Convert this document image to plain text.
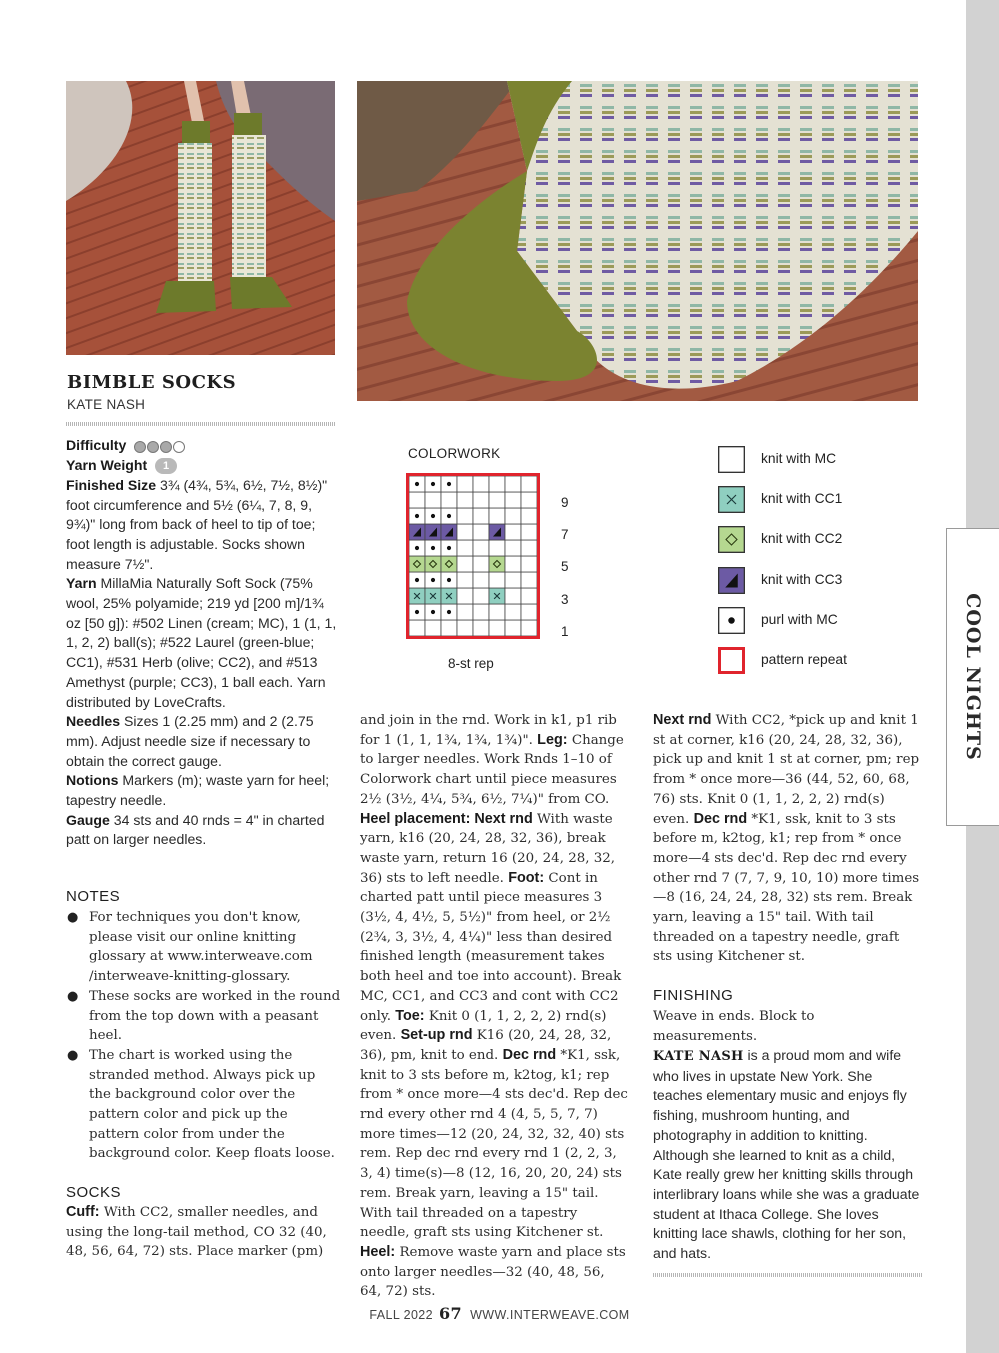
COOL NIGHTS
BIMBLE SOCKS
KATE NASH
Difficulty
Yarn Weight 1
Finished Size 3¾ (4¾, 5¾, 6½, 7½, 8½)" foot circumference and 5½ (6¼, 7, 8, 9, 9¾)" long from back of heel to tip of toe; foot length is adjustable. Socks shown measure 7½".
Yarn MillaMia Naturally Soft Sock (75% wool, 25% polyamide; 219 yd [200 m]/1¾ oz [50 g]): #502 Linen (cream; MC), 1 (1, 1, 1, 2, 2) ball(s); #522 Laurel (green-blue; CC1), #531 Herb (olive; CC2), and #513 Amethyst (purple; CC3), 1 ball each. Yarn distributed by LoveCrafts.
Needles Sizes 1 (2.25 mm) and 2 (2.75 mm). Adjust needle size if necessary to obtain the correct gauge.
Notions Markers (m); waste yarn for heel; tapestry needle.
Gauge 34 sts and 40 rnds = 4" in charted patt on larger needles.
NOTES
● For techniques you don't know, please visit our online knitting glossary at www.interweave.com /interweave-knitting-glossary.
● These socks are worked in the round from the top down with a peasant heel.
● The chart is worked using the stranded method. Always pick up the background color over the pattern color and pick up the pattern color from under the background color. Keep floats loose.
SOCKS
Cuff: With CC2, smaller needles, and using the long-tail method, CO 32 (40, 48, 56, 64, 72) sts. Place marker (pm)
and join in the rnd. Work in k1, p1 rib for 1 (1, 1, 1¾, 1¾, 1¾)". Leg: Change to larger needles. Work Rnds 1–10 of Colorwork chart until piece measures 2½ (3½, 4¼, 5¾, 6½, 7¼)" from CO. Heel placement: Next rnd With waste yarn, k16 (20, 24, 28, 32, 36), break waste yarn, return 16 (20, 24, 28, 32, 36) sts to left needle. Foot: Cont in charted patt until piece measures 3 (3½, 4, 4½, 5, 5½)" from heel, or 2½ (2¾, 3, 3½, 4, 4¼)" less than desired finished length (measurement takes both heel and toe into account). Break MC, CC1, and CC3 and cont with CC2 only. Toe: Knit 0 (1, 1, 2, 2, 2) rnd(s) even. Set-up rnd K16 (20, 24, 28, 32, 36), pm, knit to end. Dec rnd *K1, ssk, knit to 3 sts before m, k2tog, k1; rep from * once more—4 sts dec'd. Rep dec rnd every other rnd 4 (4, 5, 5, 7, 7) more times—12 (20, 24, 32, 32, 40) sts rem. Rep dec rnd every rnd 1 (2, 2, 3, 3, 4) time(s)—8 (12, 16, 20, 20, 24) sts rem. Break yarn, leaving a 15" tail. With tail threaded on a tapestry needle, graft sts using Kitchener st. Heel: Remove waste yarn and place sts onto larger needles—32 (40, 48, 56, 64, 72) sts.
Next rnd With CC2, *pick up and knit 1 st at corner, k16 (20, 24, 28, 32, 36), pick up and knit 1 st at corner, pm; rep from * once more—36 (44, 52, 60, 68, 76) sts. Knit 0 (1, 1, 2, 2, 2) rnd(s) even. Dec rnd *K1, ssk, knit to 3 sts before m, k2tog, k1; rep from * once more—4 sts dec'd. Rep dec rnd every other rnd 7 (7, 7, 9, 10, 10) more times—8 (16, 24, 24, 28, 32) sts rem. Break yarn, leaving a 15" tail. With tail threaded on a tapestry needle, graft sts using Kitchener st.
FINISHING
Weave in ends. Block to measurements.
KATE NASH is a proud mom and wife who lives in upstate New York. She teaches elementary music and enjoys fly fishing, mushroom hunting, and photography in addition to knitting. Although she learned to knit as a child, Kate really grew her knitting skills through interlibrary loans while she was a graduate student at Ithaca College. She loves knitting lace shawls, clothing for her son, and hats.
COLORWORK
9
7
5
3
1
8-st rep
knit with MC
knit with CC1
knit with CC2
knit with CC3
purl with MC
pattern repeat
FALL 2022 67 WWW.INTERWEAVE.COM
